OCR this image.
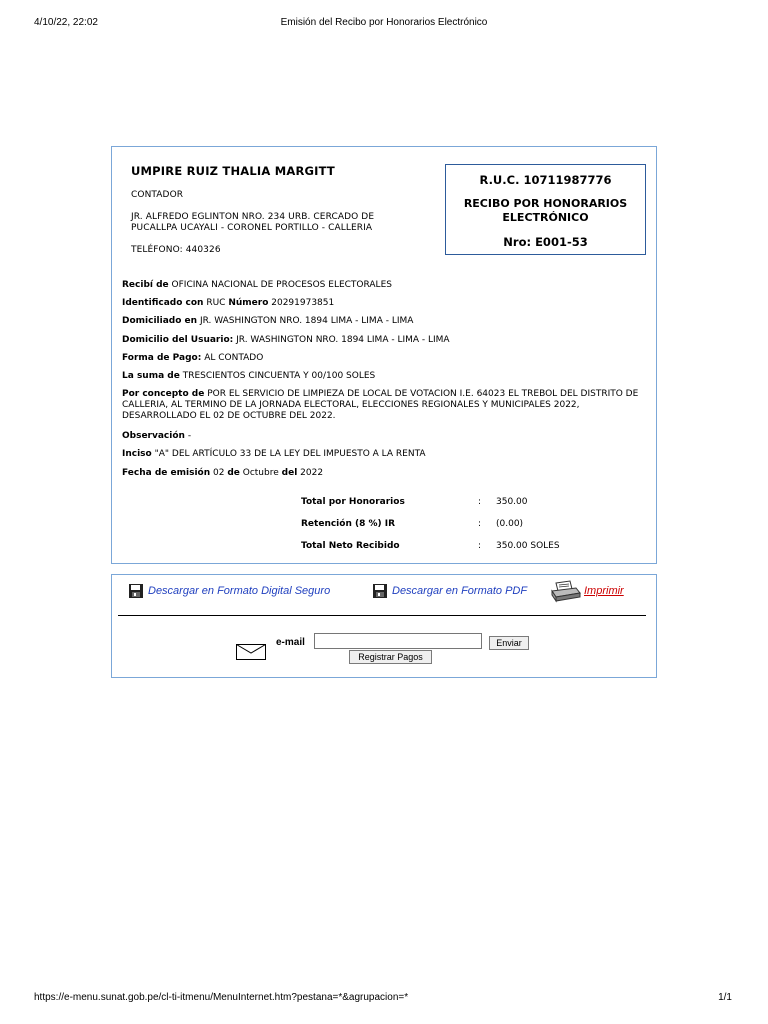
4/10/22, 22:02	Emisión del Recibo por Honorarios Electrónico
UMPIRE RUIZ THALIA MARGITT
CONTADOR
JR. ALFREDO EGLINTON NRO. 234 URB. CERCADO DE
PUCALLPA UCAYALI - CORONEL PORTILLO - CALLERIA
TELÉFONO: 440326
R.U.C. 10711987776
RECIBO POR HONORARIOS
ELECTRÓNICO
Nro: E001-53
Recibí de OFICINA NACIONAL DE PROCESOS ELECTORALES
Identificado con RUC Número 20291973851
Domiciliado en JR. WASHINGTON NRO. 1894 LIMA - LIMA - LIMA
Domicilio del Usuario: JR. WASHINGTON NRO. 1894 LIMA - LIMA - LIMA
Forma de Pago: AL CONTADO
La suma de TRESCIENTOS CINCUENTA Y 00/100 SOLES
Por concepto de POR EL SERVICIO DE LIMPIEZA DE LOCAL DE VOTACION I.E. 64023 EL TREBOL DEL DISTRITO DE CALLERIA, AL TERMINO DE LA JORNADA ELECTORAL, ELECCIONES REGIONALES Y MUNICIPALES 2022, DESARROLLADO EL 02 DE OCTUBRE DEL 2022.
Observación -
Inciso "A" DEL ARTÍCULO 33 DE LA LEY DEL IMPUESTO A LA RENTA
Fecha de emisión 02 de Octubre del 2022
Total por Honorarios	: 350.00
Retención (8 %) IR	: (0.00)
Total Neto Recibido	: 350.00 SOLES
Descargar en Formato Digital Seguro	Descargar en Formato PDF	Imprimir
e-mail	Enviar
Registrar Pagos
https://e-menu.sunat.gob.pe/cl-ti-itmenu/MenuInternet.htm?pestana=*&agrupacion=*	1/1
